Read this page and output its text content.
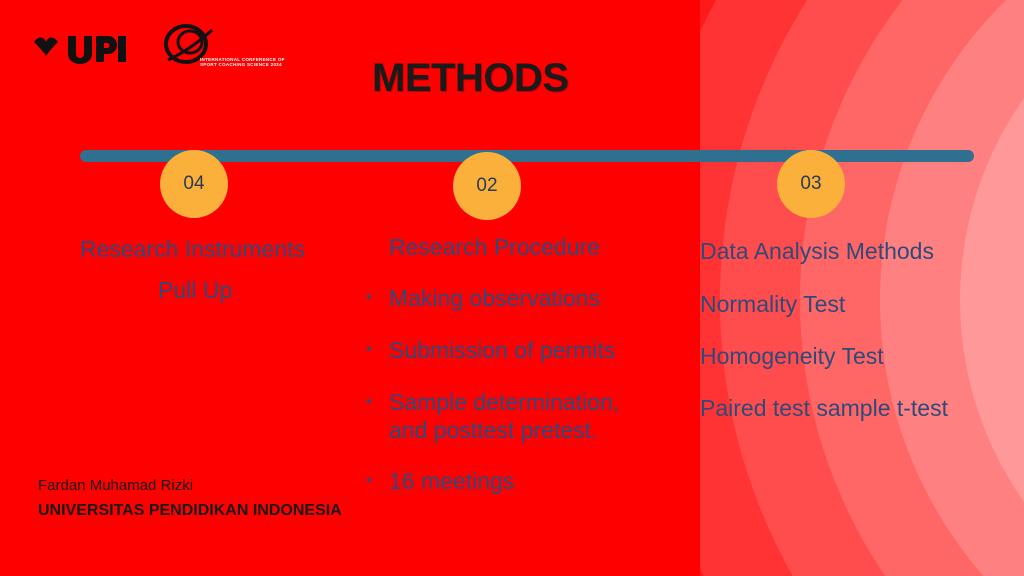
INTERNATIONAL CONFERENCE OF SPORT COACHING SCIENCE 2024 METHODS
04	02	03
Research Instruments
Pull Up
Research Procedure
• Making observations
• Submission of permits
• Sample determination,
and posttest pretest.
• 16 meetings
Data Analysis Methods
Normality Test
Homogeneity Test
Paired test sample t-test
Fardan Muhamad Rizki
UNIVERSITAS PENDIDIKAN INDONESIA
